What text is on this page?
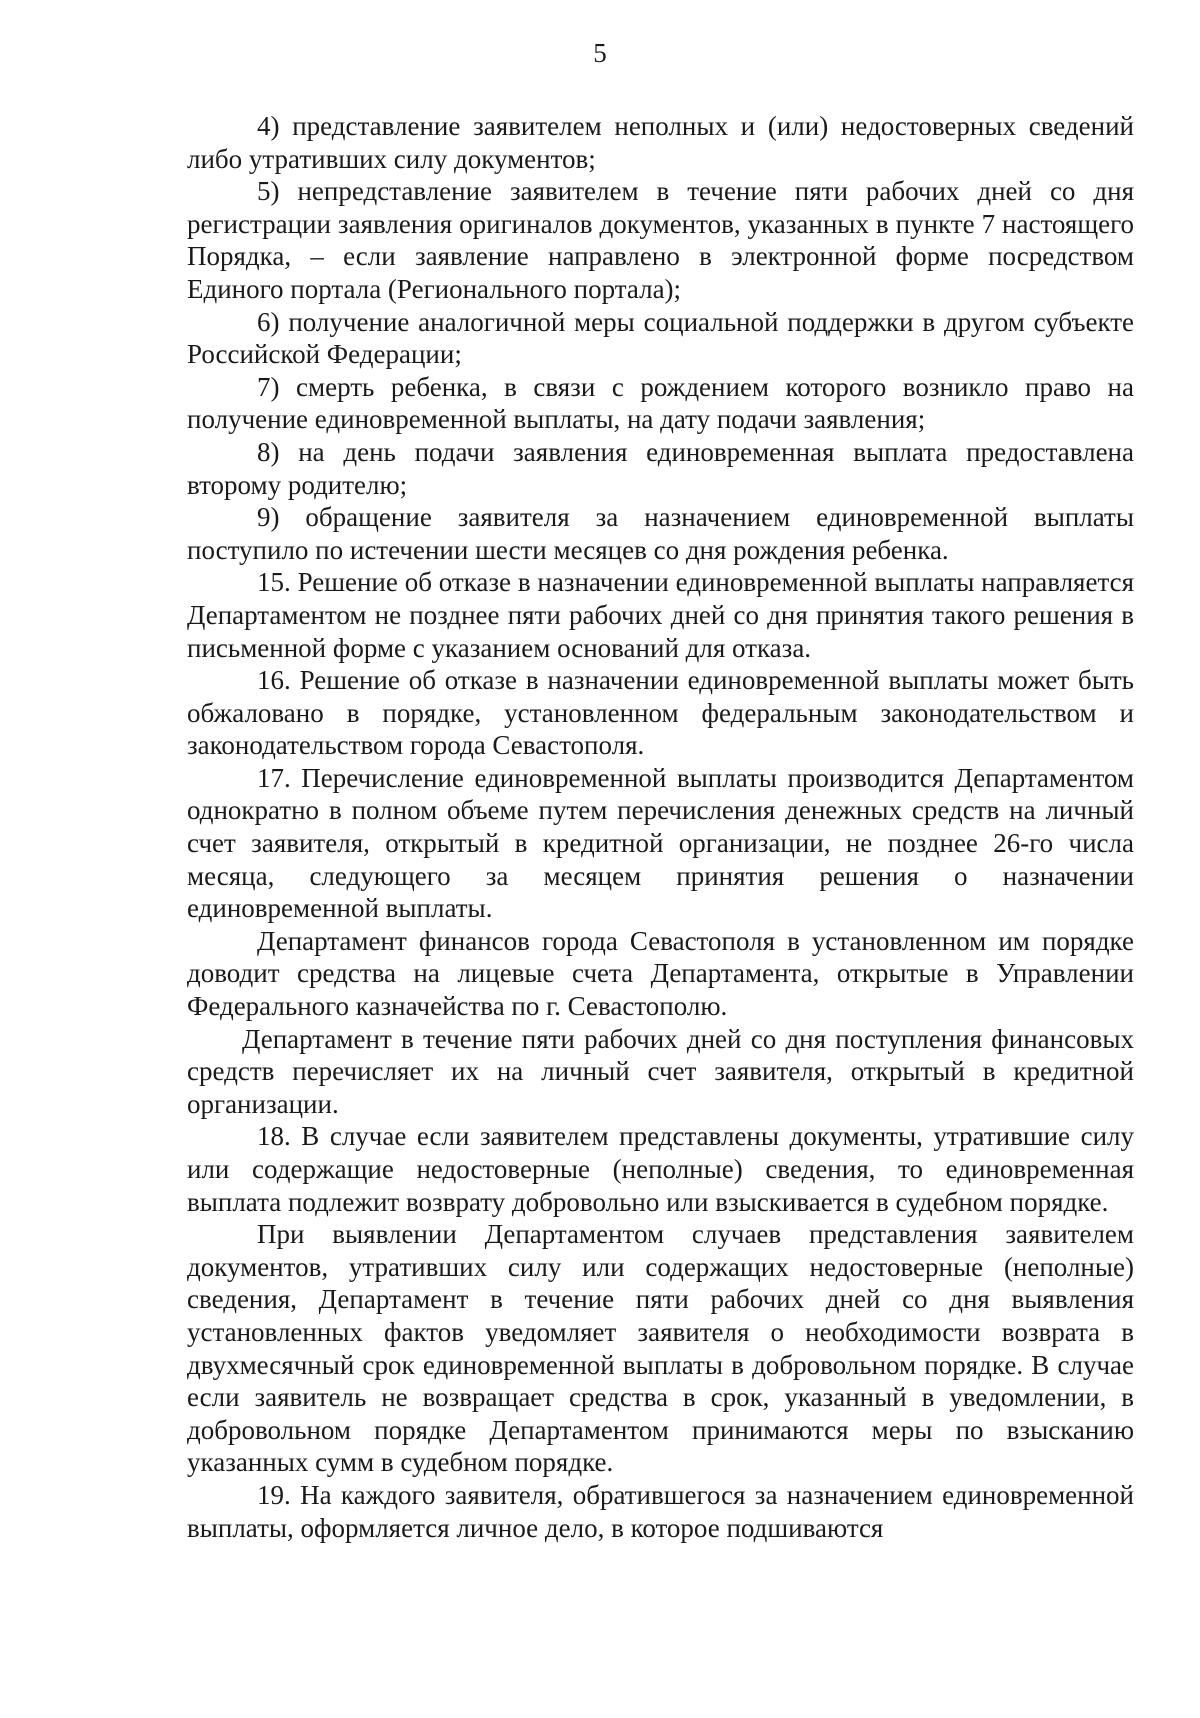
5

4) представление заявителем неполных и (или) недостоверных сведений либо утративших силу документов;

5) непредставление заявителем в течение пяти рабочих дней со дня регистрации заявления оригиналов документов, указанных в пункте 7 настоящего Порядка, – если заявление направлено в электронной форме посредством Единого портала (Регионального портала);

6) получение аналогичной меры социальной поддержки в другом субъекте Российской Федерации;

7) смерть ребенка, в связи с рождением которого возникло право на получение единовременной выплаты, на дату подачи заявления;

8) на день подачи заявления единовременная выплата предоставлена второму родителю;

9) обращение заявителя за назначением единовременной выплаты поступило по истечении шести месяцев со дня рождения ребенка.

15. Решение об отказе в назначении единовременной выплаты направляется Департаментом не позднее пяти рабочих дней со дня принятия такого решения в письменной форме с указанием оснований для отказа.

16. Решение об отказе в назначении единовременной выплаты может быть обжаловано в порядке, установленном федеральным законодательством и законодательством города Севастополя.

17. Перечисление единовременной выплаты производится Департаментом однократно в полном объеме путем перечисления денежных средств на личный счет заявителя, открытый в кредитной организации, не позднее 26-го числа месяца, следующего за месяцем принятия решения о назначении единовременной выплаты.

Департамент финансов города Севастополя в установленном им порядке доводит средства на лицевые счета Департамента, открытые в Управлении Федерального казначейства по г. Севастополю.

Департамент в течение пяти рабочих дней со дня поступления финансовых средств перечисляет их на личный счет заявителя, открытый в кредитной организации.

18. В случае если заявителем представлены документы, утратившие силу или содержащие недостоверные (неполные) сведения, то единовременная выплата подлежит возврату добровольно или взыскивается в судебном порядке.

При выявлении Департаментом случаев представления заявителем документов, утративших силу или содержащих недостоверные (неполные) сведения, Департамент в течение пяти рабочих дней со дня выявления установленных фактов уведомляет заявителя о необходимости возврата в двухмесячный срок единовременной выплаты в добровольном порядке. В случае если заявитель не возвращает средства в срок, указанный в уведомлении, в добровольном порядке Департаментом принимаются меры по взысканию указанных сумм в судебном порядке.

19. На каждого заявителя, обратившегося за назначением единовременной выплаты, оформляется личное дело, в которое подшиваются
